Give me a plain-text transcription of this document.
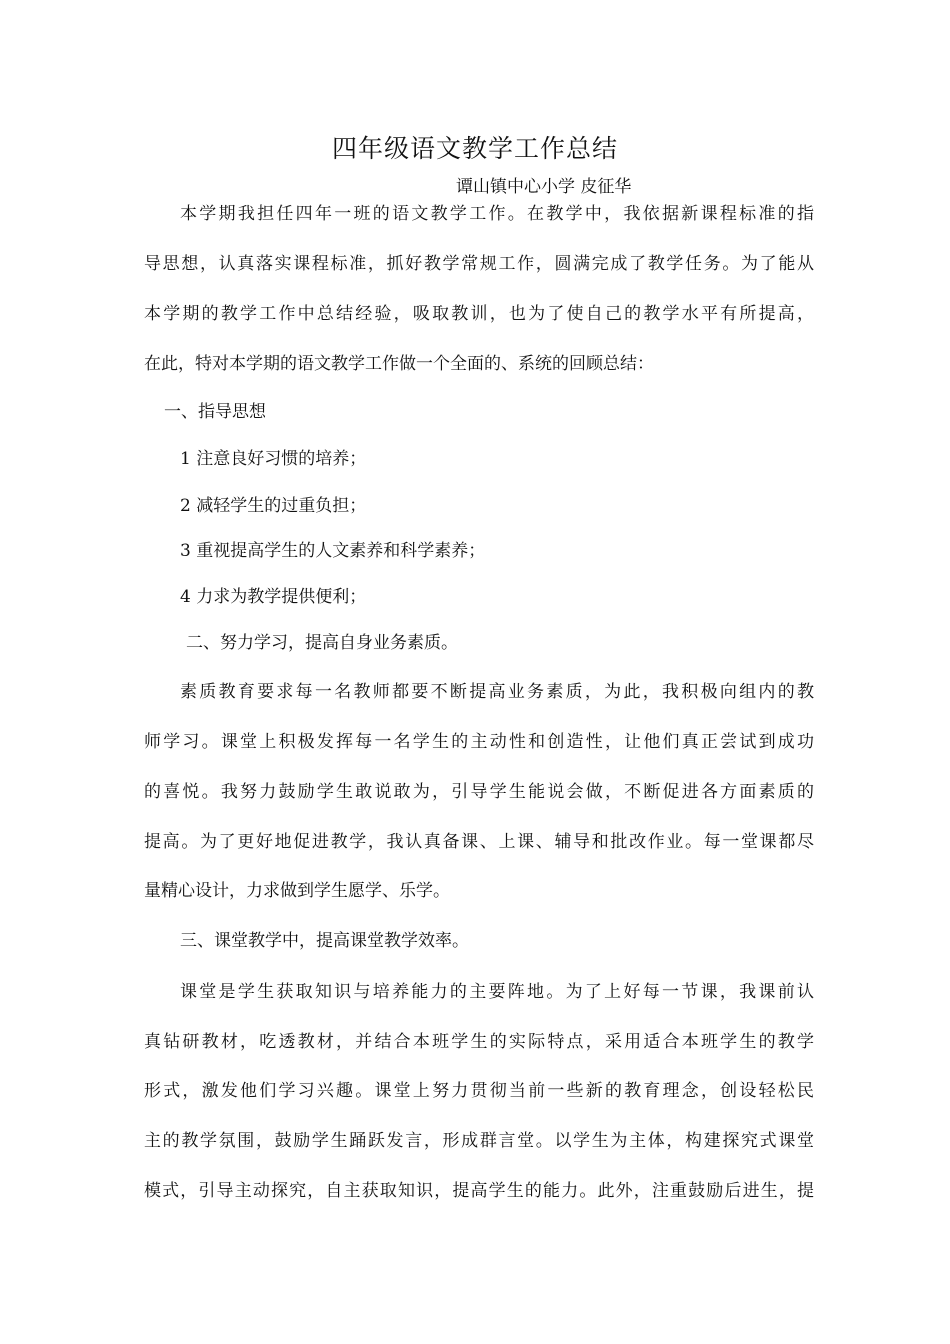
四年级语文教学工作总结
谭山镇中心小学 皮征华
本学期我担任四年一班的语文教学工作。在教学中，我依据新课程标准的指
导思想，认真落实课程标准，抓好教学常规工作，圆满完成了教学任务。为了能从
本学期的教学工作中总结经验，吸取教训，也为了使自己的教学水平有所提高，
在此，特对本学期的语文教学工作做一个全面的、系统的回顾总结：
一、指导思想
1 注意良好习惯的培养；
2 减轻学生的过重负担；
3 重视提高学生的人文素养和科学素养；
4 力求为教学提供便利；
二、努力学习，提高自身业务素质。
素质教育要求每一名教师都要不断提高业务素质，为此，我积极向组内的教
师学习。课堂上积极发挥每一名学生的主动性和创造性，让他们真正尝试到成功
的喜悦。我努力鼓励学生敢说敢为，引导学生能说会做，不断促进各方面素质的
提高。为了更好地促进教学，我认真备课、上课、辅导和批改作业。每一堂课都尽
量精心设计，力求做到学生愿学、乐学。
三、课堂教学中，提高课堂教学效率。
课堂是学生获取知识与培养能力的主要阵地。为了上好每一节课，我课前认
真钻研教材，吃透教材，并结合本班学生的实际特点，采用适合本班学生的教学
形式，激发他们学习兴趣。课堂上努力贯彻当前一些新的教育理念，创设轻松民
主的教学氛围，鼓励学生踊跃发言，形成群言堂。以学生为主体，构建探究式课堂
模式，引导主动探究，自主获取知识，提高学生的能力。此外，注重鼓励后进生，提
